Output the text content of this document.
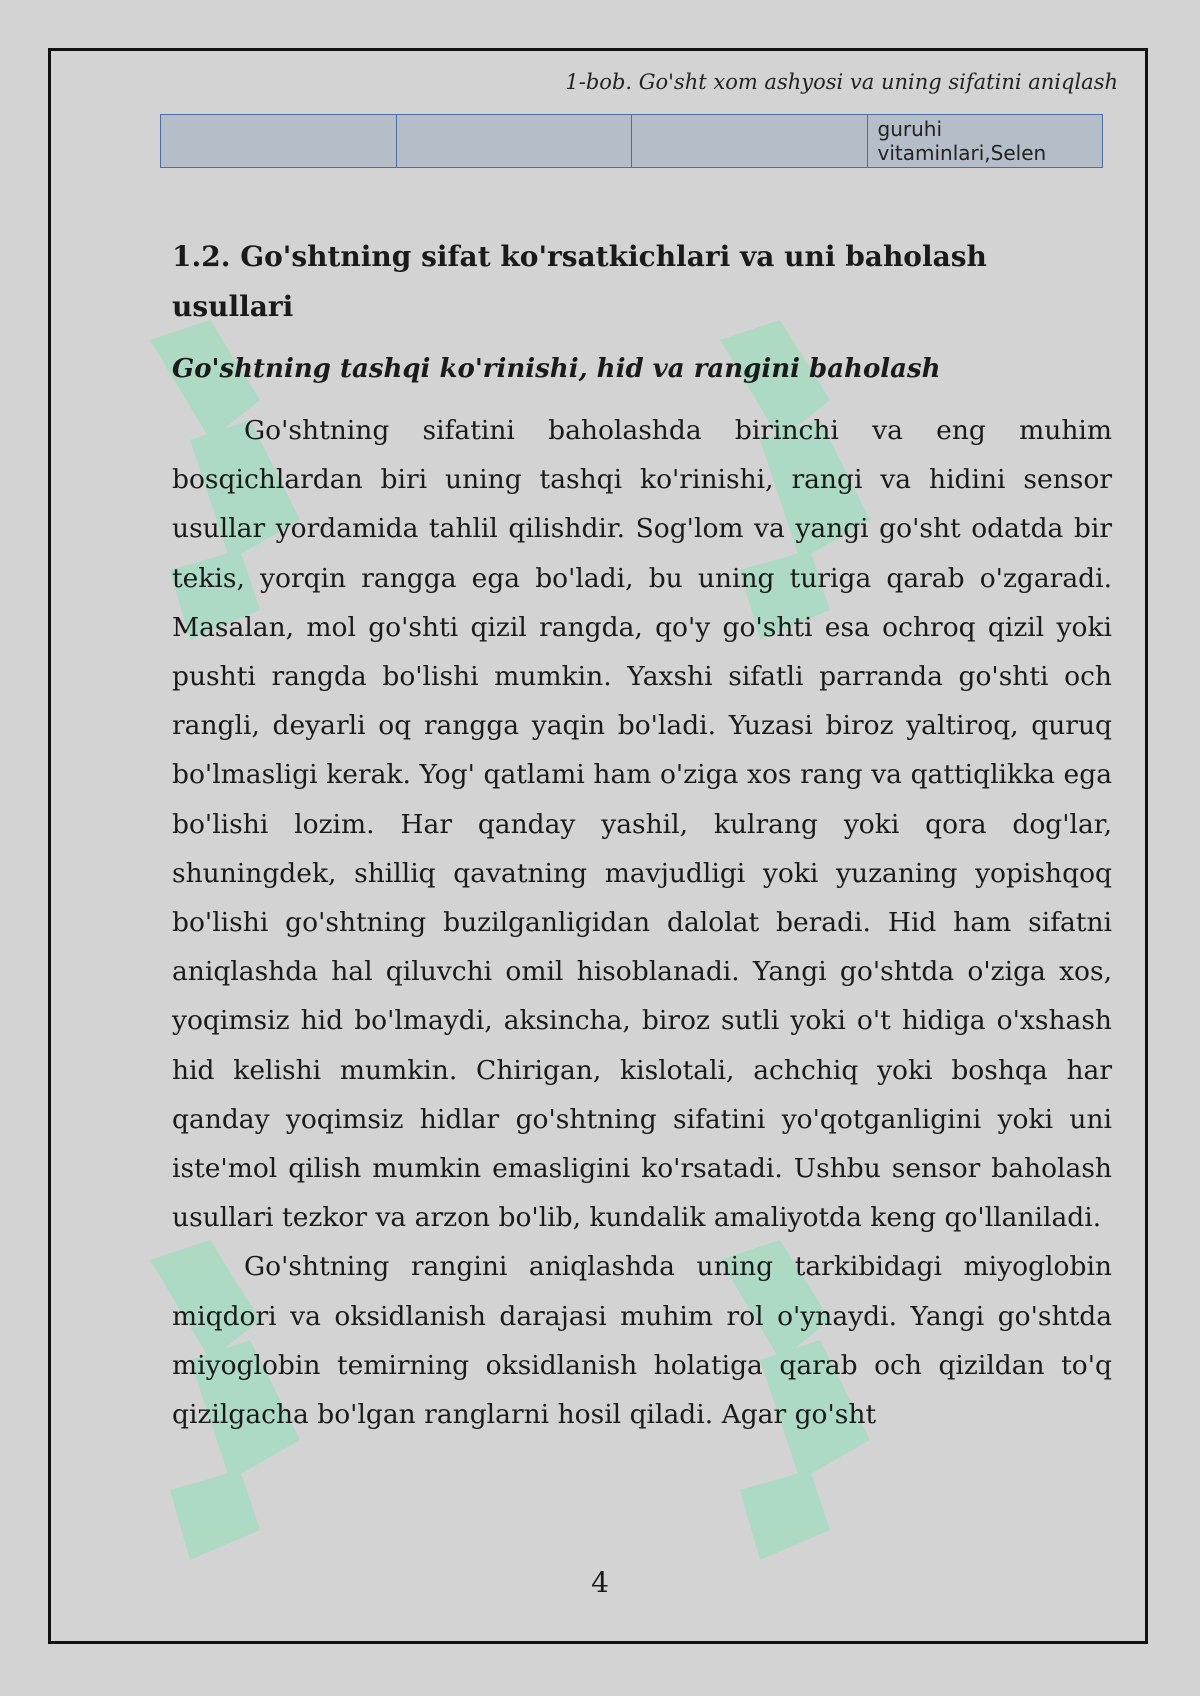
1-bob. Go'sht xom ashyosi va uning sifatini aniqlash
			guruhi vitaminlari,Selen
1.2. Go'shtning sifat ko'rsatkichlari va uni baholash usullari
Go'shtning tashqi ko'rinishi, hid va rangini baholash

Go'shtning sifatini baholashda birinchi va eng muhim bosqichlardan biri uning tashqi ko'rinishi, rangi va hidini sensor usullar yordamida tahlil qilishdir. Sog'lom va yangi go'sht odatda bir tekis, yorqin rangga ega bo'ladi, bu uning turiga qarab o'zgaradi. Masalan, mol go'shti qizil rangda, qo'y go'shti esa ochroq qizil yoki pushti rangda bo'lishi mumkin. Yaxshi sifatli parranda go'shti och rangli, deyarli oq rangga yaqin bo'ladi. Yuzasi biroz yaltiroq, quruq bo'lmasligi kerak. Yog' qatlami ham o'ziga xos rang va qattiqlikka ega bo'lishi lozim. Har qanday yashil, kulrang yoki qora dog'lar, shuningdek, shilliq qavatning mavjudligi yoki yuzaning yopishqoq bo'lishi go'shtning buzilganligidan dalolat beradi. Hid ham sifatni aniqlashda hal qiluvchi omil hisoblanadi. Yangi go'shtda o'ziga xos, yoqimsiz hid bo'lmaydi, aksincha, biroz sutli yoki o't hidiga o'xshash hid kelishi mumkin. Chirigan, kislotali, achchiq yoki boshqa har qanday yoqimsiz hidlar go'shtning sifatini yo'qotganligini yoki uni iste'mol qilish mumkin emasligini ko'rsatadi. Ushbu sensor baholash usullari tezkor va arzon bo'lib, kundalik amaliyotda keng qo'llaniladi.

Go'shtning rangini aniqlashda uning tarkibidagi miyoglobin miqdori va oksidlanish darajasi muhim rol o'ynaydi. Yangi go'shtda miyoglobin temirning oksidlanish holatiga qarab och qizildan to'q qizilgacha bo'lgan ranglarni hosil qiladi. Agar go'sht

4
